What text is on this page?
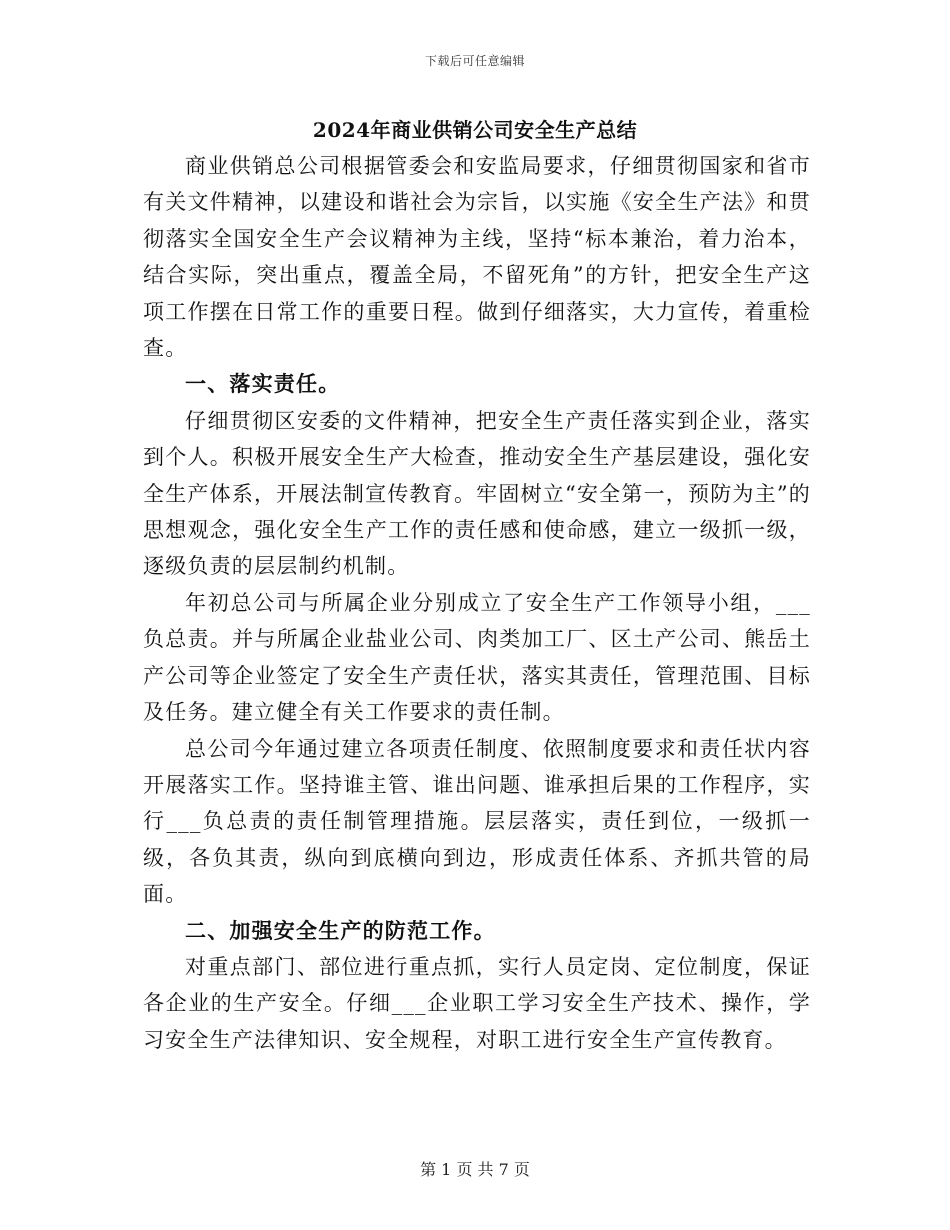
下载后可任意编辑
2024年商业供销公司安全生产总结

商业供销总公司根据管委会和安监局要求，仔细贯彻国家和省市有关文件精神，以建设和谐社会为宗旨，以实施《安全生产法》和贯彻落实全国安全生产会议精神为主线，坚持“标本兼治，着力治本，结合实际，突出重点，覆盖全局，不留死角”的方针，把安全生产这项工作摆在日常工作的重要日程。做到仔细落实，大力宣传，着重检查。

一、落实责任。

仔细贯彻区安委的文件精神，把安全生产责任落实到企业，落实到个人。积极开展安全生产大检查，推动安全生产基层建设，强化安全生产体系，开展法制宣传教育。牢固树立“安全第一，预防为主”的思想观念，强化安全生产工作的责任感和使命感，建立一级抓一级，逐级负责的层层制约机制。

年初总公司与所属企业分别成立了安全生产工作领导小组，___负总责。并与所属企业盐业公司、肉类加工厂、区土产公司、熊岳土产公司等企业签定了安全生产责任状，落实其责任，管理范围、目标及任务。建立健全有关工作要求的责任制。

总公司今年通过建立各项责任制度、依照制度要求和责任状内容开展落实工作。坚持谁主管、谁出问题、谁承担后果的工作程序，实行___负总责的责任制管理措施。层层落实，责任到位，一级抓一级，各负其责，纵向到底横向到边，形成责任体系、齐抓共管的局面。

二、加强安全生产的防范工作。

对重点部门、部位进行重点抓，实行人员定岗、定位制度，保证各企业的生产安全。仔细___企业职工学习安全生产技术、操作，学习安全生产法律知识、安全规程，对职工进行安全生产宣传教育。

第 1 页 共 7 页
